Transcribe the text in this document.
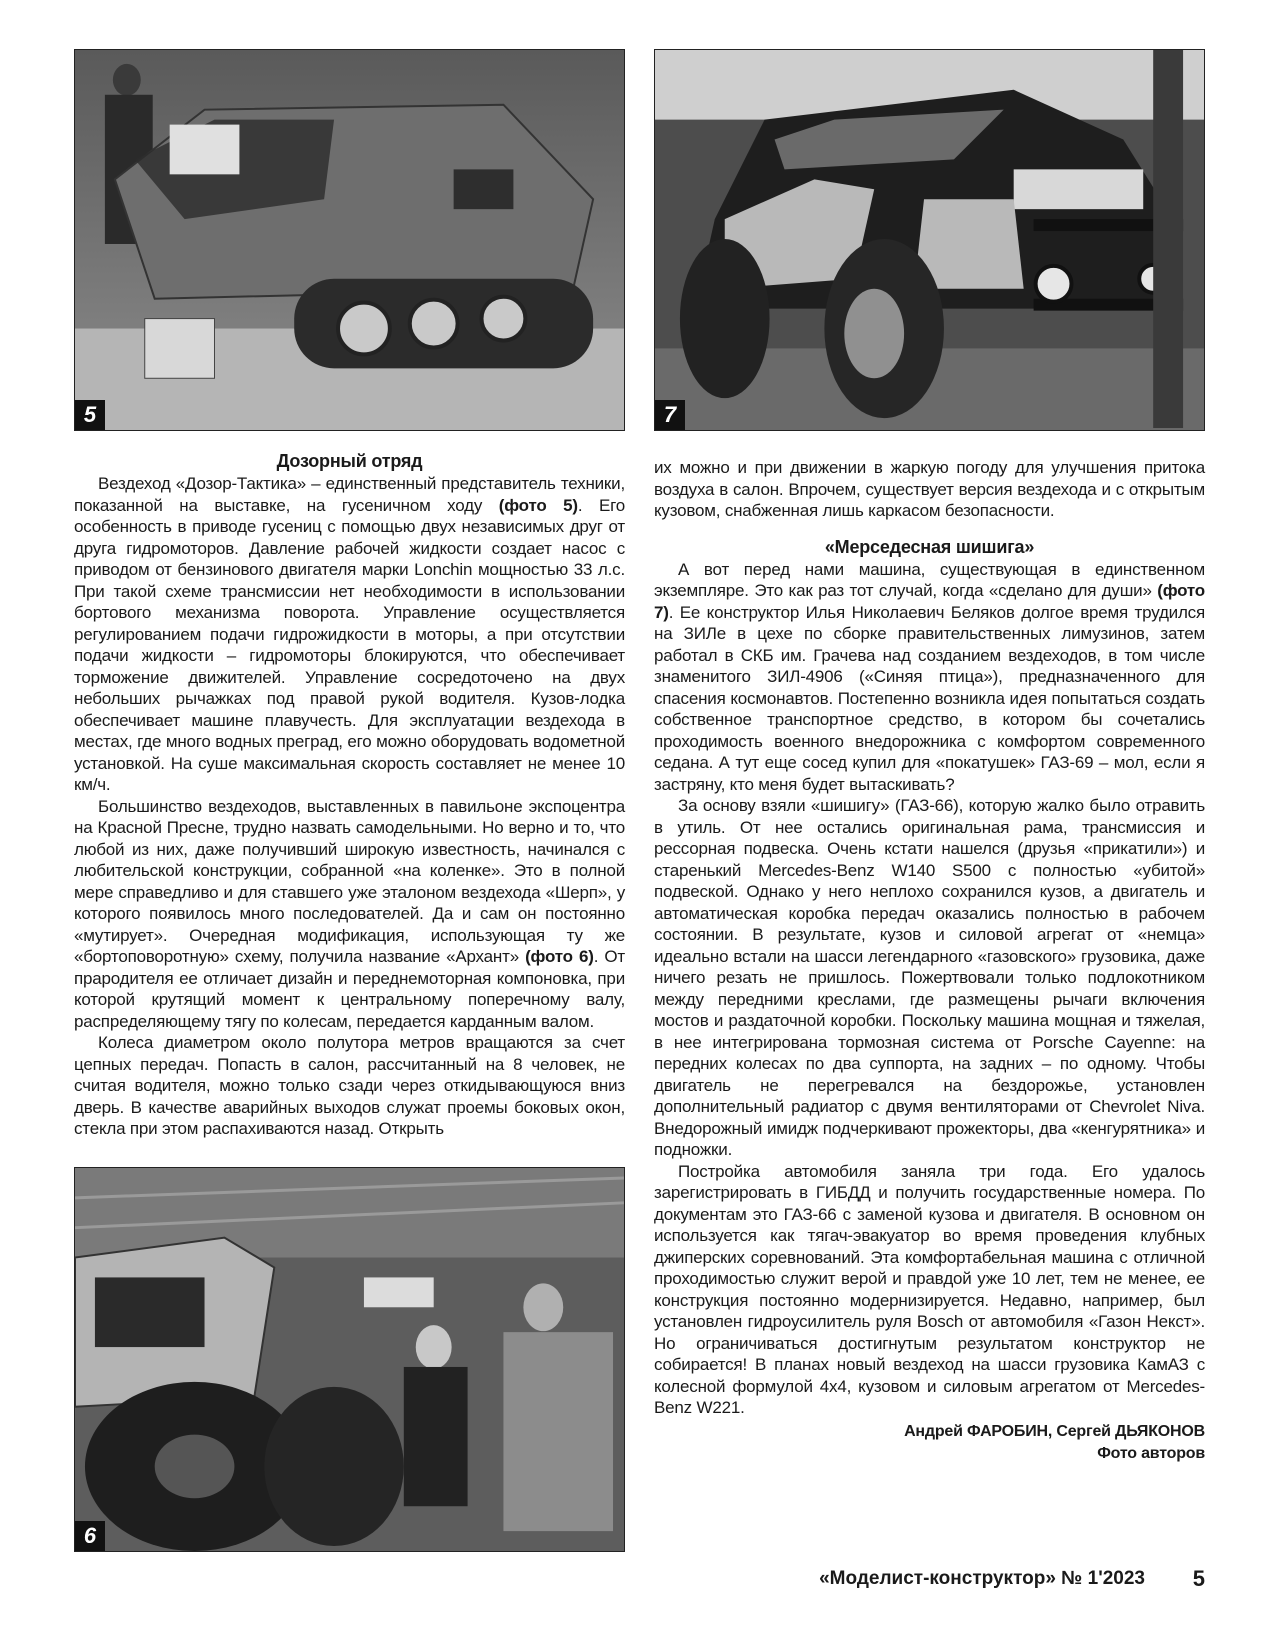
5	7
6
Дозорный отряд

Вездеход «Дозор-Тактика» – единственный представитель техники, показанной на выставке, на гусеничном ходу (фото 5). Его особенность в приводе гусениц с помощью двух независимых друг от друга гидромоторов. Давление рабочей жидкости создает насос с приводом от бензинового двигателя марки Lonchin мощностью 33 л.с. При такой схеме трансмиссии нет необходимости в использовании бортового механизма поворота. Управление осуществляется регулированием подачи гидрожидкости в моторы, а при отсутствии подачи жидкости – гидромоторы блокируются, что обеспечивает торможение движителей. Управление сосредоточено на двух небольших рычажках под правой рукой водителя. Кузов-лодка обеспечивает машине плавучесть. Для эксплуатации вездехода в местах, где много водных преград, его можно оборудовать водометной установкой. На суше максимальная скорость составляет не менее 10 км/ч.

Большинство вездеходов, выставленных в павильоне экспоцентра на Красной Пресне, трудно назвать самодельными. Но верно и то, что любой из них, даже получивший широкую известность, начинался с любительской конструкции, собранной «на коленке». Это в полной мере справедливо и для ставшего уже эталоном вездехода «Шерп», у которого появилось много последователей. Да и сам он постоянно «мутирует». Очередная модификация, использующая ту же «бортоповоротную» схему, получила название «Архант» (фото 6). От прародителя ее отличает дизайн и переднемоторная компоновка, при которой крутящий момент к центральному поперечному валу, распределяющему тягу по колесам, передается карданным валом.

Колеса диаметром около полутора метров вращаются за счет цепных передач. Попасть в салон, рассчитанный на 8 человек, не считая водителя, можно только сзади через откидывающуюся вниз дверь. В качестве аварийных выходов служат проемы боковых окон, стекла при этом распахиваются назад. Открыть

их можно и при движении в жаркую погоду для улучшения притока воздуха в салон. Впрочем, существует версия вездехода и с открытым кузовом, снабженная лишь каркасом безопасности.

«Мерседесная шишига»

А вот перед нами машина, существующая в единственном экземпляре. Это как раз тот случай, когда «сделано для души» (фото 7). Ее конструктор Илья Николаевич Беляков долгое время трудился на ЗИЛе в цехе по сборке правительственных лимузинов, затем работал в СКБ им. Грачева над созданием вездеходов, в том числе знаменитого ЗИЛ-4906 («Синяя птица»), предназначенного для спасения космонавтов. Постепенно возникла идея попытаться создать собственное транспортное средство, в котором бы сочетались проходимость военного внедорожника с комфортом современного седана. А тут еще сосед купил для «покатушек» ГАЗ-69 – мол, если я застряну, кто меня будет вытаскивать?

За основу взяли «шишигу» (ГАЗ-66), которую жалко было отравить в утиль. От нее остались оригинальная рама, трансмиссия и рессорная подвеска. Очень кстати нашелся (друзья «прикатили») и старенький Mercedes-Benz W140 S500 с полностью «убитой» подвеской. Однако у него неплохо сохранился кузов, а двигатель и автоматическая коробка передач оказались полностью в рабочем состоянии. В результате, кузов и силовой агрегат от «немца» идеально встали на шасси легендарного «газовского» грузовика, даже ничего резать не пришлось. Пожертвовали только подлокотником между передними креслами, где размещены рычаги включения мостов и раздаточной коробки. Поскольку машина мощная и тяжелая, в нее интегрирована тормозная система от Porsche Cayenne: на передних колесах по два суппорта, на задних – по одному. Чтобы двигатель не перегревался на бездорожье, установлен дополнительный радиатор с двумя вентиляторами от Chevrolet Niva. Внедорожный имидж подчеркивают прожекторы, два «кенгурятника» и подножки.

Постройка автомобиля заняла три года. Его удалось зарегистрировать в ГИБДД и получить государственные номера. По документам это ГАЗ-66 с заменой кузова и двигателя. В основном он используется как тягач-эвакуатор во время проведения клубных джиперских соревнований. Эта комфортабельная машина с отличной проходимостью служит верой и правдой уже 10 лет, тем не менее, ее конструкция постоянно модернизируется. Недавно, например, был установлен гидроусилитель руля Bosch от автомобиля «Газон Некст». Но ограничиваться достигнутым результатом конструктор не собирается! В планах новый вездеход на шасси грузовика КамАЗ с колесной формулой 4х4, кузовом и силовым агрегатом от Mercedes-Benz W221.

Андрей ФАРОБИН, Сергей ДЬЯКОНОВ
Фото авторов
«Моделист-конструктор» № 1'2023 5
